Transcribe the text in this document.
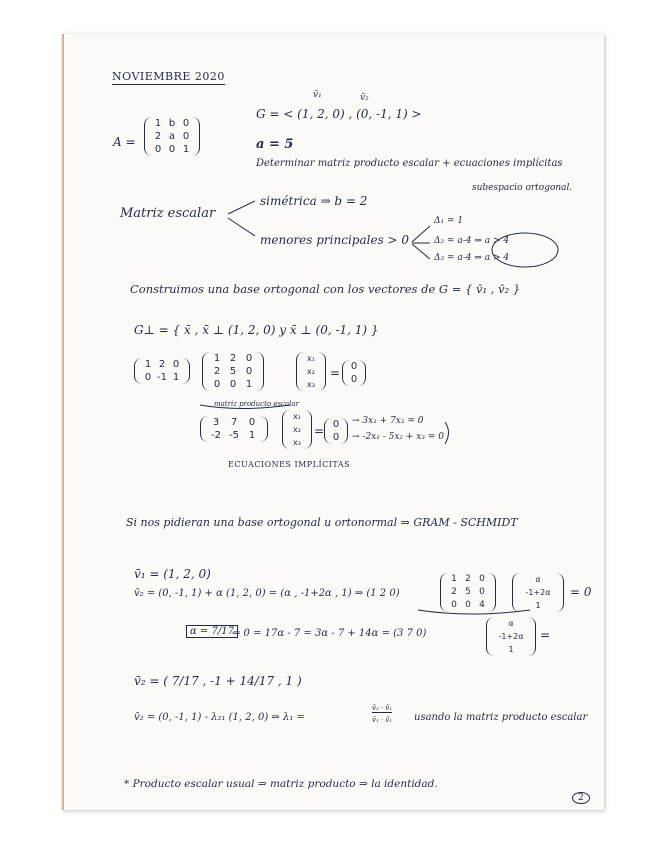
NOVIEMBRE 2020
v̄₁	v̄₂
G = < (1, 2, 0) , (0, -1, 1) >
A =
1 b 0
2 a 0
0 0 1	a = 5
Determinar matriz producto escalar + ecuaciones implícitas
subespacio ortogonal.
Matriz escalar
simétrica ⇒ b = 2
menores principales > 0
Δ₁ = 1
Δ₂ = a-4 ⇒ a > 4
Δ₃ = a-4 ⇒ a > 4
Construimos una base ortogonal con los vectores de G = { v̄₁ , v̄₂ }
G⊥ = { x̄ , x̄ ⊥ (1, 2, 0) y x̄ ⊥ (0, -1, 1) }
1 2 0
0 -1 1
1 2 0
2 5 0
0 0 1
x₁
x₂
x₃
= 0
0
matriz producto escalar
3	7	0
-2 -5 1
x₁
x₂
x₃
= 0
0
→ 3x₁ + 7x₂ = 0
→ -2x₁ - 5x₂ + x₃ = 0
ECUACIONES IMPLÍCITAS
Si nos pidieran una base ortogonal u ortonormal ⇒ GRAM - SCHMIDT
v̄₁ = (1, 2, 0)
v̄₂ = (0, -1, 1) + α (1, 2, 0) = (α , -1+2α , 1) ⇒ (1 2 0)
1 2 0
2 5 0
0 0 4
α
-1+2α
1
= 0
α = 7/17
⇐ 0 = 17α - 7 = 3α - 7 + 14α = (3 7 0)
α
-1+2α
1
=
v̄₂ = ( 7/17 , -1 + 14/17 , 1 )
v̄₂ = (0, -1, 1) - λ₂₁ (1, 2, 0) ⇒ λ₁ =
v̄₂ · v̄₁
v̄₁ · v̄₁ usando la matriz producto escalar
* Producto escalar usual ⇒ matriz producto ⇒ la identidad.
2
